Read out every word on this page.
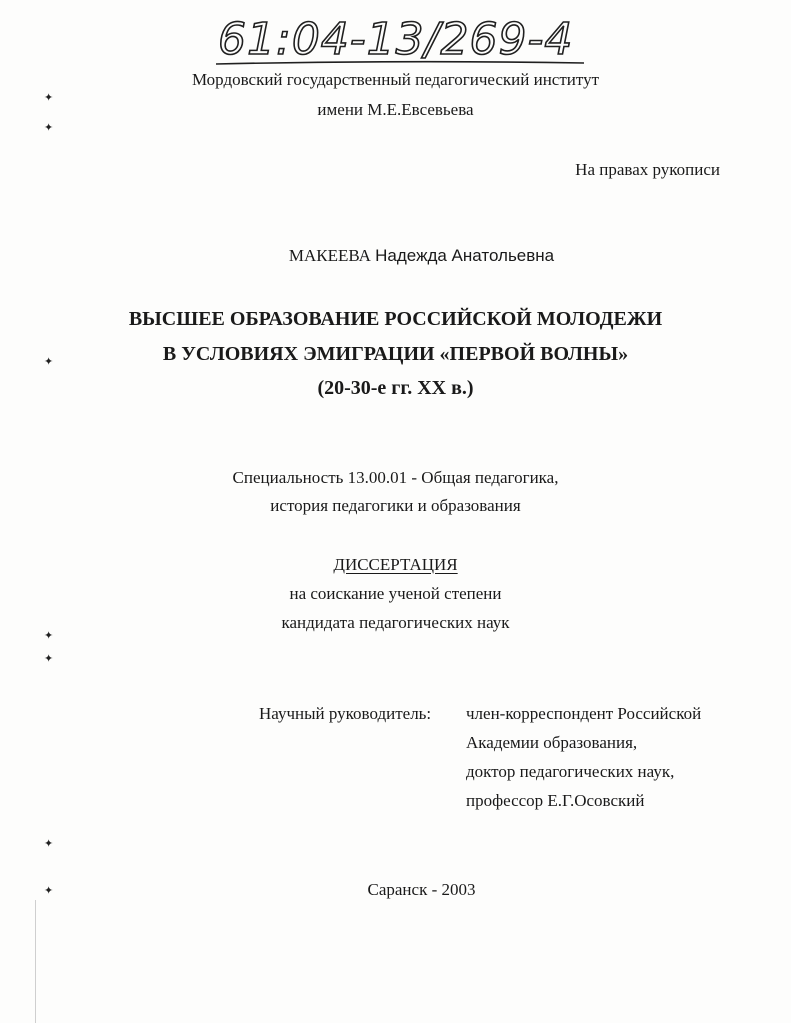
61:04-13/269-4
Мордовский государственный педагогический институт
имени М.Е.Евсевьева
На правах рукописи
МАКЕЕВА Надежда Анатольевна
ВЫСШЕЕ ОБРАЗОВАНИЕ РОССИЙСКОЙ МОЛОДЕЖИ
В УСЛОВИЯХ ЭМИГРАЦИИ «ПЕРВОЙ ВОЛНЫ»
(20-30-е гг. XX в.)
Специальность 13.00.01 - Общая педагогика,
история педагогики и образования
ДИССЕРТАЦИЯ
на соискание ученой степени
кандидата педагогических наук
Научный руководитель: член-корреспондент Российской
Академии образования,
доктор педагогических наук,
профессор Е.Г.Осовский
Саранск - 2003
✦
✦
✦
✦
✦
✦
✦
